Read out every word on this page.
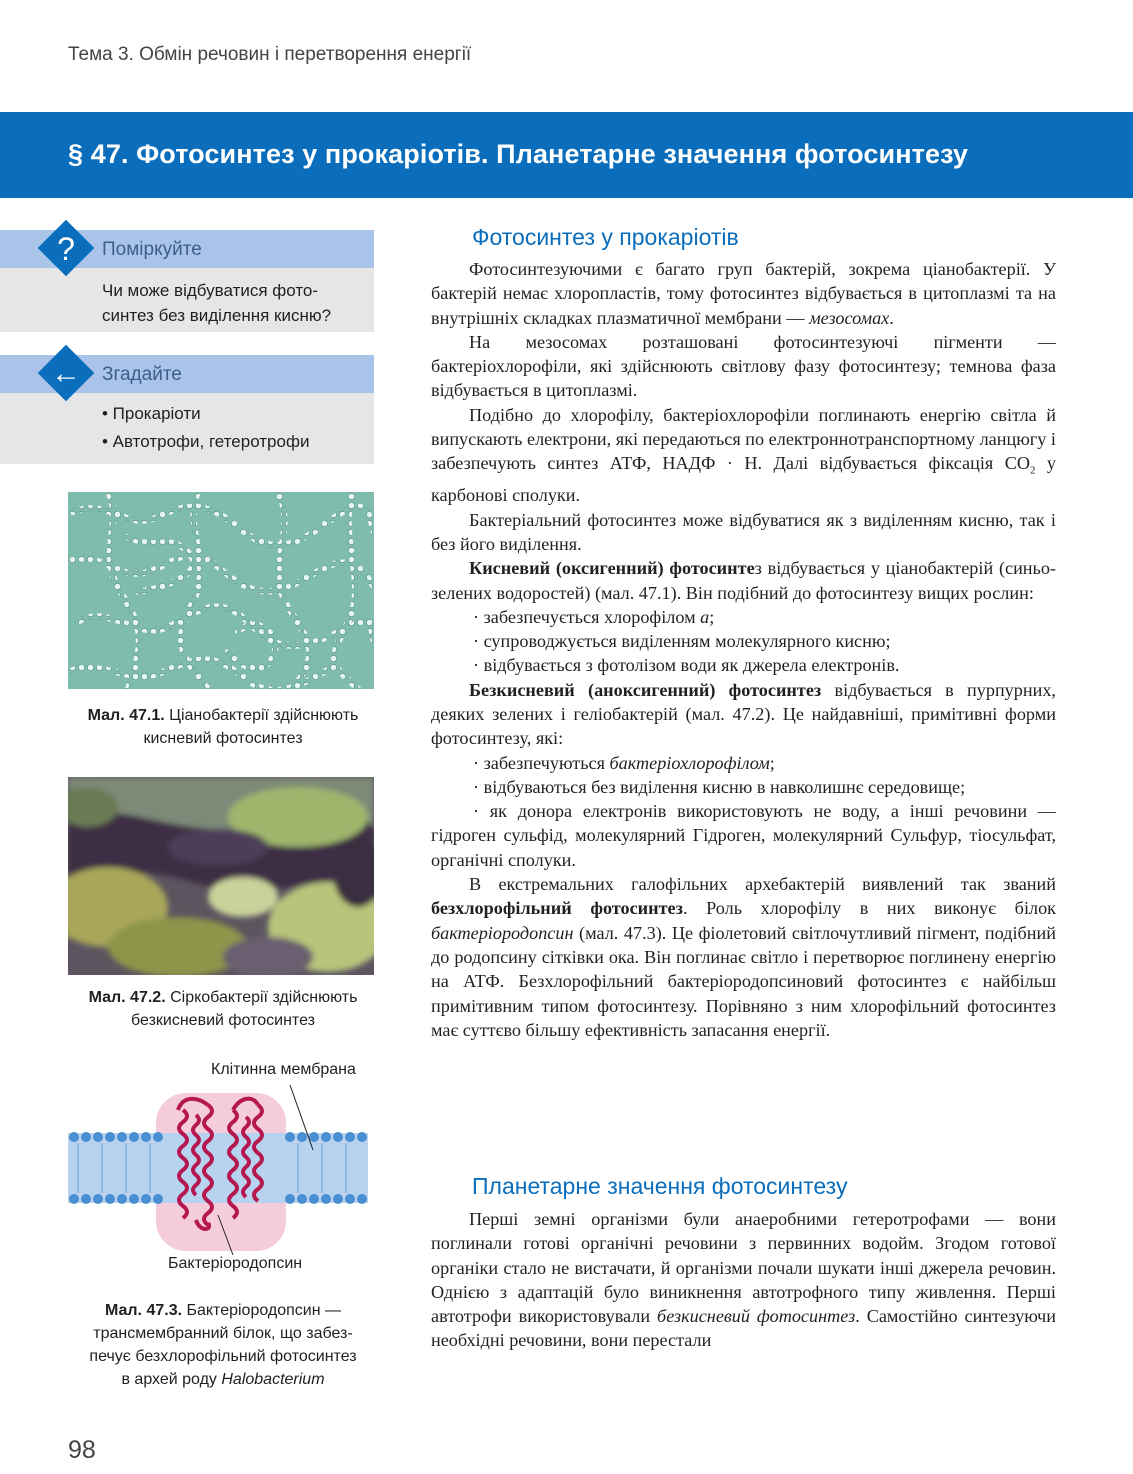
Тема 3. Обмін речовин і перетворення енергії
§ 47. Фотосинтез у прокаріотів. Планетарне значення фотосинтезу
Поміркуйте
?
Чи може відбуватися фото-
синтез без виділення кисню?
Згадайте
←
• Прокаріоти
• Автотрофи, гетеротрофи
Мал. 47.1. Ціанобактерії здійснюють
кисневий фотосинтез
Мал. 47.2. Сіркобактерії здійснюють
безкисневий фотосинтез
Клітинна мембрана
Бактеріородопсин
Мал. 47.3. Бактеріородопсин —
трансмембранний білок, що забез-
печує безхлорофільний фотосинтез
в архей роду Halobacterium
Фотосинтез у прокаріотів

Фотосинтезуючими є багато груп бактерій, зокрема ціанобактерії. У бактерій немає хлоропластів, тому фотосинтез відбувається в цитоплазмі та на внутрішніх складках плазматичної мембрани — мезосомах.

На мезосомах розташовані фотосинтезуючі пігменти — бактеріохлорофіли, які здійснюють світлову фазу фотосинтезу; темнова фаза відбувається в цитоплазмі.

Подібно до хлорофілу, бактеріохлорофіли поглинають енергію світла й випускають електрони, які передаються по електроннотранспортному ланцюгу і забезпечують синтез АТФ, НАДФ · Н. Далі відбувається фіксація $СО_2$ у карбонові сполуки.

Бактеріальний фотосинтез може відбуватися як з виділенням кисню, так і без його виділення.

Кисневий (оксигенний) фотосинтез відбувається у ціанобактерій (синьо-зелених водоростей) (мал. 47.1). Він подібний до фотосинтезу вищих рослин:

· забезпечується хлорофілом а;

· супроводжується виділенням молекулярного кисню;

· відбувається з фотолізом води як джерела електронів.

Безкисневий (аноксигенний) фотосинтез відбувається в пурпурних, деяких зелених і геліобактерій (мал. 47.2). Це найдавніші, примітивні форми фотосинтезу, які:

· забезпечуються бактеріохлорофілом;

· відбуваються без виділення кисню в навколишнє середовище;

· як донора електронів використовують не воду, а інші речовини — гідроген сульфід, молекулярний Гідроген, молекулярний Сульфур, тіосульфат, органічні сполуки.

В екстремальних галофільних архебактерій виявлений так званий безхлорофільний фотосинтез. Роль хлорофілу в них виконує білок бактеріородопсин (мал. 47.3). Це фіолетовий світлочутливий пігмент, подібний до родопсину сітківки ока. Він поглинає світло і перетворює поглинену енергію на АТФ. Безхлорофільний бактеріородопсиновий фотосинтез є найбільш примітивним типом фотосинтезу. Порівняно з ним хлорофільний фотосинтез має суттєво більшу ефективність запасання енергії.

Планетарне значення фотосинтезу

Перші земні організми були анаеробними гетеротрофами — вони поглинали готові органічні речовини з первинних водойм. Згодом готової органіки стало не вистачати, й організми почали шукати інші джерела речовин. Однією з адаптацій було виникнення автотрофного типу живлення. Перші автотрофи використовували безкисневий фотосинтез. Самостійно синтезуючи необхідні речовини, вони перестали

98
